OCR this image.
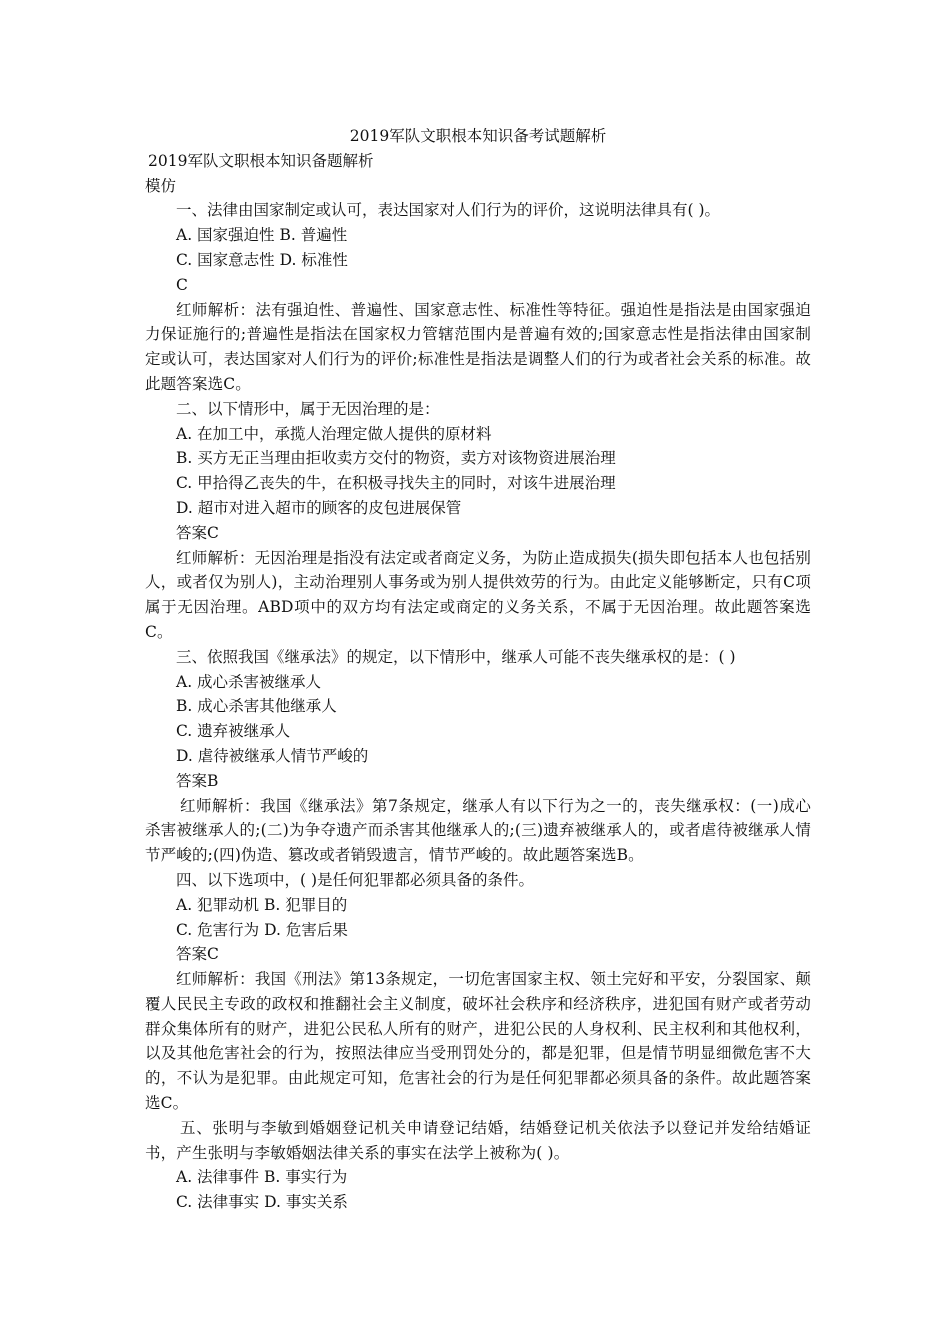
2019军队文职根本知识备考试题解析
2019军队文职根本知识备题解析
模仿
一、法律由国家制定或认可，表达国家对人们行为的评价，这说明法律具有( )。
A. 国家强迫性 B. 普遍性
C. 国家意志性 D. 标准性
C
红师解析：法有强迫性、普遍性、国家意志性、标准性等特征。强迫性是指法是由国家强迫力保证施行的;普遍性是指法在国家权力管辖范围内是普遍有效的;国家意志性是指法律由国家制定或认可，表达国家对人们行为的评价;标准性是指法是调整人们的行为或者社会关系的标准。故此题答案选C。
二、以下情形中，属于无因治理的是：
A. 在加工中，承揽人治理定做人提供的原材料
B. 买方无正当理由拒收卖方交付的物资，卖方对该物资进展治理
C. 甲拾得乙丧失的牛，在积极寻找失主的同时，对该牛进展治理
D. 超市对进入超市的顾客的皮包进展保管
答案C
红师解析：无因治理是指没有法定或者商定义务，为防止造成损失(损失即包括本人也包括别人，或者仅为别人)，主动治理别人事务或为别人提供效劳的行为。由此定义能够断定，只有C项属于无因治理。ABD项中的双方均有法定或商定的义务关系，不属于无因治理。故此题答案选C。
三、依照我国《继承法》的规定，以下情形中，继承人可能不丧失继承权的是：( )
A. 成心杀害被继承人
B. 成心杀害其他继承人
C. 遗弃被继承人
D. 虐待被继承人情节严峻的
答案B
红师解析：我国《继承法》第7条规定，继承人有以下行为之一的，丧失继承权：(一)成心杀害被继承人的;(二)为争夺遗产而杀害其他继承人的;(三)遗弃被继承人的，或者虐待被继承人情节严峻的;(四)伪造、篡改或者销毁遗言，情节严峻的。故此题答案选B。
四、以下选项中，( )是任何犯罪都必须具备的条件。
A. 犯罪动机 B. 犯罪目的
C. 危害行为 D. 危害后果
答案C
红师解析：我国《刑法》第13条规定，一切危害国家主权、领土完好和平安，分裂国家、颠覆人民民主专政的政权和推翻社会主义制度，破坏社会秩序和经济秩序，进犯国有财产或者劳动群众集体所有的财产，进犯公民私人所有的财产，进犯公民的人身权利、民主权利和其他权利，以及其他危害社会的行为，按照法律应当受刑罚处分的，都是犯罪，但是情节明显细微危害不大的，不认为是犯罪。由此规定可知，危害社会的行为是任何犯罪都必须具备的条件。故此题答案选C。
五、张明与李敏到婚姻登记机关申请登记结婚，结婚登记机关依法予以登记并发给结婚证书，产生张明与李敏婚姻法律关系的事实在法学上被称为( )。
A. 法律事件 B. 事实行为
C. 法律事实 D. 事实关系
